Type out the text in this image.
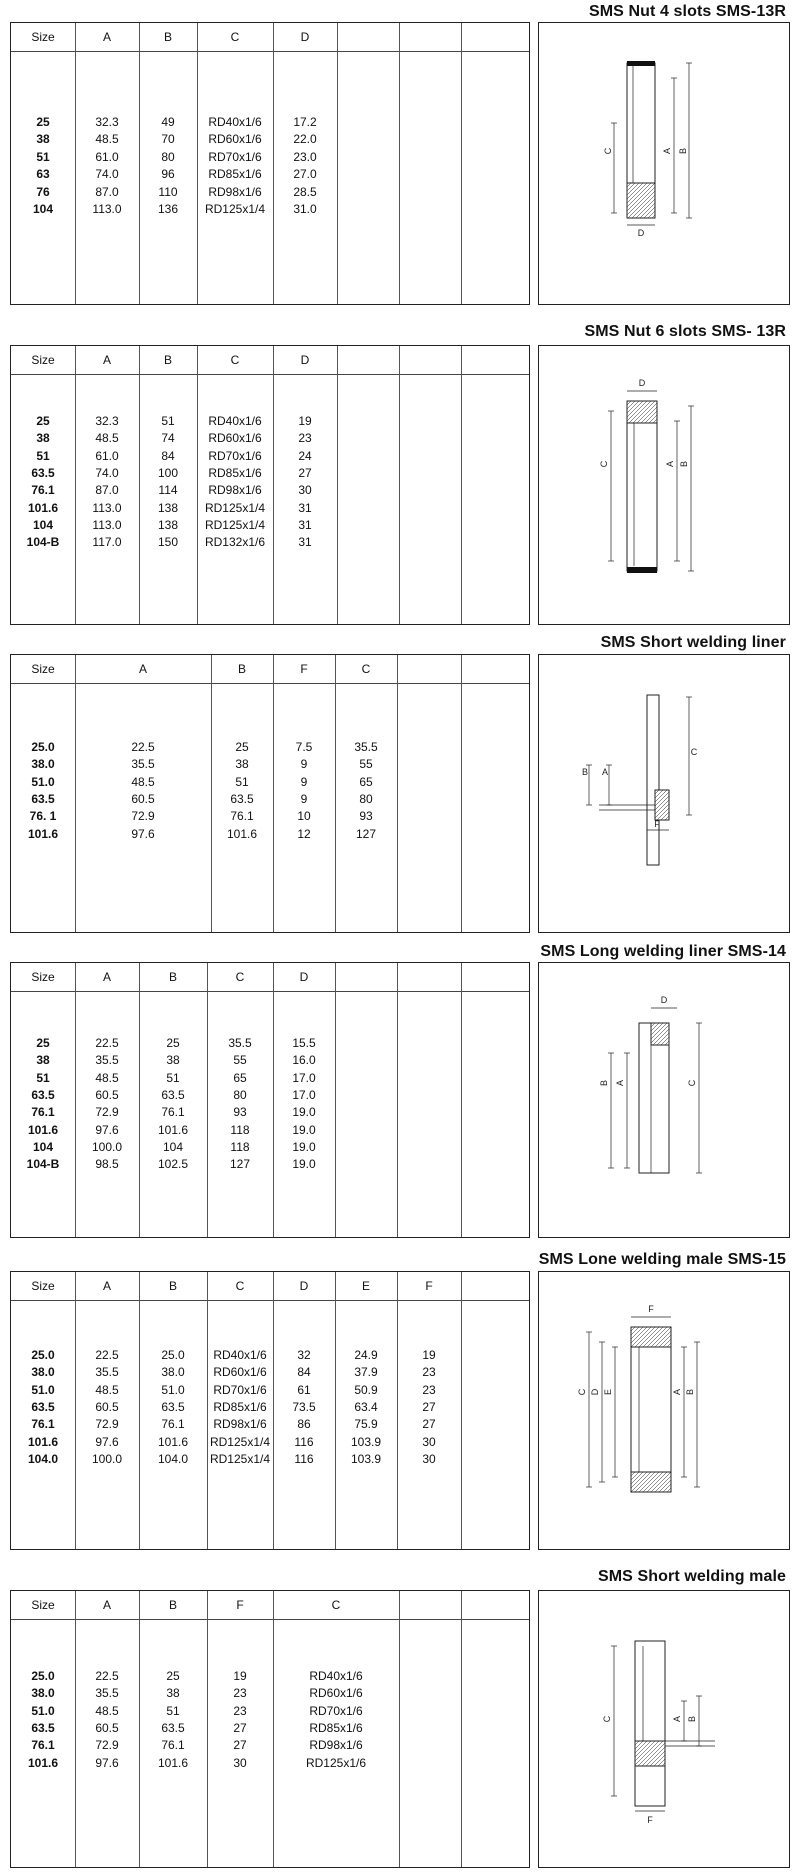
SMS Nut 4 slots SMS-13R
Size	A	B	C	D
25	32.3	49	RD40x1/6	17.2
38	48.5	70	RD60x1/6	22.0
51	61.0	80	RD70x1/6	23.0
63	74.0	96	RD85x1/6	27.0
76	87.0	110	RD98x1/6	28.5
104	113.0	136	RD125x1/4	31.0
C	A B
D
SMS Nut 6 slots SMS- 13R
Size	A	B	C	D
25	32.3	51	RD40x1/6	19
38	48.5	74	RD60x1/6	23
51	61.0	84	RD70x1/6	24
63.5	74.0	100	RD85x1/6	27
76.1	87.0	114	RD98x1/6	30
101.6	113.0	138	RD125x1/4	31
104	113.0	138	RD125x1/4	31
104-B	117.0	150	RD132x1/6	31
D
C	A B
SMS Short welding liner
Size	A	B	F	C
25.0	22.5	25	7.5	35.5
38.0	35.5	38	9	55
51.0	48.5	51	9	65
63.5	60.5	63.5	9	80
76. 1	72.9	76.1	10	93
101.6	97.6	101.6	12	127
C
B A
F
SMS Long welding liner SMS-14
Size	A	B	C	D
25	22.5	25	35.5	15.5
38	35.5	38	55	16.0
51	48.5	51	65	17.0
63.5	60.5	63.5	80	17.0
76.1	72.9	76.1	93	19.0
101.6	97.6	101.6	118	19.0
104	100.0	104	118	19.0
104-B	98.5	102.5	127	19.0
D
B A	C
SMS Lone welding male SMS-15
Size	A	B	C	D	E	F
25.0	22.5	25.0	RD40x1/6	32	24.9	19
38.0	35.5	38.0	RD60x1/6	84	37.9	23
51.0	48.5	51.0	RD70x1/6	61	50.9	23
63.5	60.5	63.5	RD85x1/6	73.5	63.4	27
76.1	72.9	76.1	RD98x1/6	86	75.9	27
101.6	97.6	101.6	RD125x1/4	116	103.9	30
104.0	100.0	104.0	RD125x1/4	116	103.9	30
F
C D E	A B
SMS Short welding male
Size	A	B	F	C
25.0	22.5	25	19	RD40x1/6
38.0	35.5	38	23	RD60x1/6
51.0	48.5	51	23	RD70x1/6
63.5	60.5	63.5	27	RD85x1/6
76.1	72.9	76.1	27	RD98x1/6
101.6	97.6	101.6	30	RD125x1/6
C	A B
F
